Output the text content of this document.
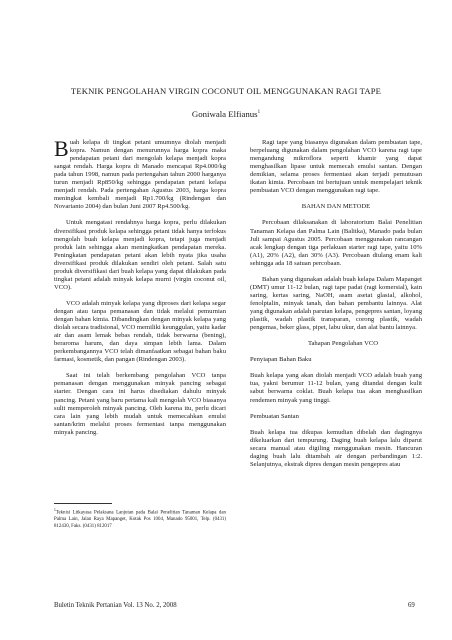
TEKNIK PENGOLAHAN VIRGIN COCONUT OIL MENGGUNAKAN RAGI TAPE
Goniwala Elfianus$^1$

Buah kelapa di tingkat petani umumnya diolah menjadi kopra. Namun dengan menurunnya harga kopra maka pendapatan petani dari mengolah kelapa menjadi kopra sangat rendah. Harga kopra di Manado mencapai Rp4.000/kg pada tahun 1998, namun pada pertengahan tahun 2000 harganya turun menjadi Rp850/kg sehingga pendapatan petani kelapa menjadi rendah. Pada pertengahan Agustus 2003, harga kopra meningkat kembali menjadi Rp1.700/kg (Rindengan dan Novarianto 2004) dan bulan Juni 2007 Rp4.500/kg.

Untuk mengatasi rendahnya harga kopra, perlu dilakukan diversifikasi produk kelapa sehingga petani tidak hanya terfokus mengolah buah kelapa menjadi kopra, tetapi juga menjadi produk lain sehingga akan meningkatkan pendapatan mereka. Peningkatan pendapatan petani akan lebih nyata jika usaha diversifikasi produk dilakukan sendiri oleh petani. Salah satu produk diversifikasi dari buah kelapa yang dapat dilakukan pada tingkat petani adalah minyak kelapa murni (virgin coconut oil, VCO).

VCO adalah minyak kelapa yang diproses dari kelapa segar dengan atau tanpa pemanasan dan tidak melalui pemurnian dengan bahan kimia. Dibandingkan dengan minyak kelapa yang diolah secara tradisional, VCO memiliki keunggulan, yaitu kadar air dan asam lemak bebas rendah, tidak berwarna (bening), beraroma harum, dan daya simpan lebih lama. Dalam perkembangannya VCO telah dimanfaatkan sebagai bahan baku farmasi, kosmetik, dan pangan (Rindengan 2003).

Saat ini telah berkembang pengolahan VCO tanpa pemanasan dengan menggunakan minyak pancing sebagai starter. Dengan cara ini harus disediakan dahulu minyak pancing. Petani yang baru pertama kali mengolah VCO biasanya sulit memperoleh minyak pancing. Oleh karena itu, perlu dicari cara lain yang lebih mudah untuk memecahkan emulsi santan/krim melalui proses fermentasi tanpa menggunakan minyak pancing.

Ragi tape yang biasanya digunakan dalam pembuatan tape, berpeluang digunakan dalam pengolahan VCO karena ragi tape mengandung mikroflora seperti khamir yang dapat menghasilkan lipase untuk memecah emulsi santan. Dengan demikian, selama proses fermentasi akan terjadi pemutusan ikatan kimia. Percobaan ini bertujuan untuk mempelajari teknik pembuatan VCO dengan menggunakan ragi tape.

BAHAN DAN METODE

Percobaan dilaksanakan di laboratorium Balai Penelitian Tanaman Kelapa dan Palma Lain (Balitka), Manado pada bulan Juli sampai Agustus 2005. Percobaan menggunakan rancangan acak lengkap dengan tiga perlakuan starter ragi tape, yaitu 10% (A1), 20% (A2), dan 30% (A3). Percobaan diulang enam kali sehingga ada 18 satuan percobaan.

Bahan yang digunakan adalah buah kelapa Dalam Mapanget (DMT) umur 11-12 bulan, ragi tape padat (ragi komersial), kain saring, kertas saring, NaOH, asam asetat glasial, alkohol, fenolptalin, minyak tanah, dan bahan pembantu lainnya. Alat yang digunakan adalah parutan kelapa, pengepres santan, loyang plastik, wadah plastik transparan, corong plastik, wadah pengemas, beker glass, pipet, labu ukur, dan alat bantu lainnya.

Tahapan Pengolahan VCO
Penyiapan Bahan Baku

Buah kelapa yang akan diolah menjadi VCO adalah buah yang tua, yakni berumur 11-12 bulan, yang ditandai dengan kulit sabut berwarna coklat. Buah kelapa tua akan menghasilkan rendemen minyak yang tinggi.

Pembuatan Santan

Buah kelapa tua dikupas kemudian dibelah dan dagingnya dikeluarkan dari tempurung. Daging buah kelapa lalu diparut secara manual atau digiling menggunakan mesin. Hancuran daging buah lalu ditambah air dengan perbandingan 1:2. Selanjutnya, ekstrak dipres dengan mesin pengepres atau

$^1$Teknisi Litkayasa Pelaksana Lanjutan pada Balai Penelitian Tanaman Kelapa dan Palma Lain, Jalan Raya Mapanget, Kotak Pos 1004, Manado 95001, Telp. (0431) 812430, Faks. (0431) 812017
Buletin Teknik Pertanian Vol. 13 No. 2, 2008	69
